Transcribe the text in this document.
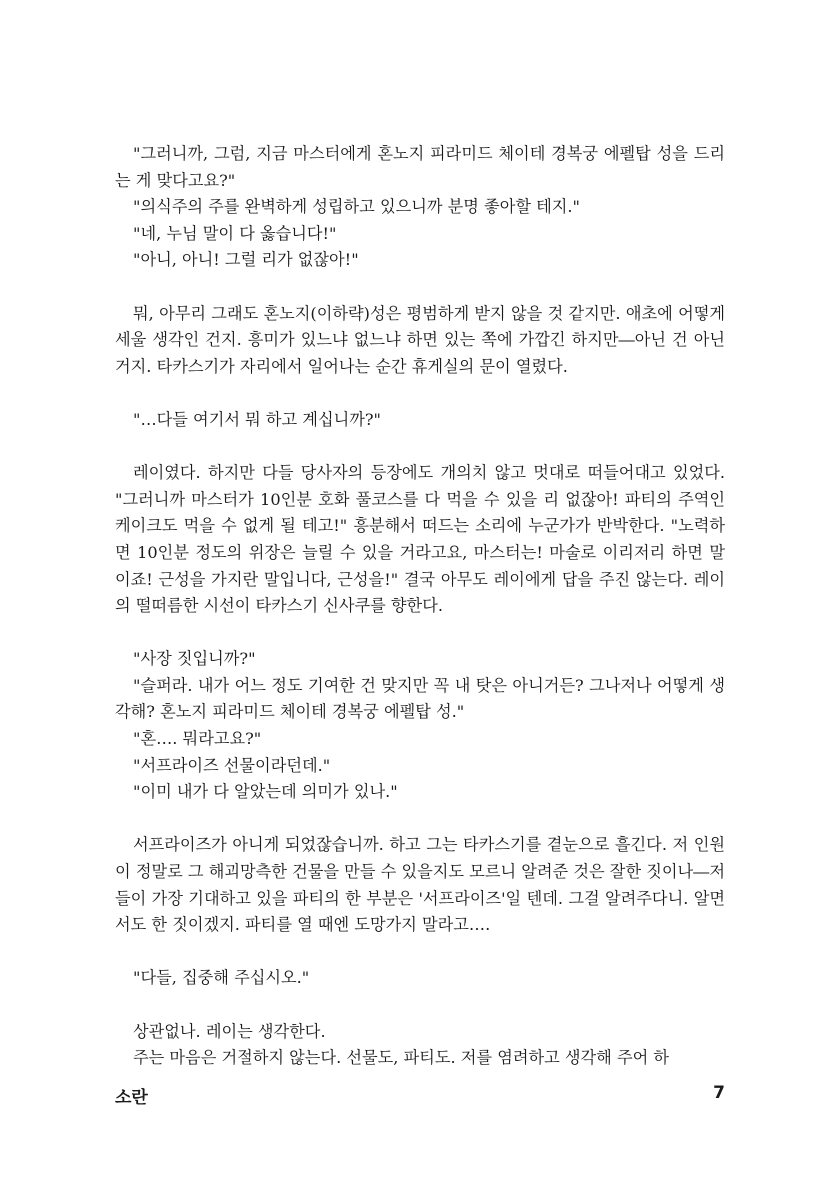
"그러니까, 그럼, 지금 마스터에게 혼노지 피라미드 체이테 경복궁 에펠탑 성을 드리는 게 맞다고요?"

"의식주의 주를 완벽하게 성립하고 있으니까 분명 좋아할 테지."

"네, 누님 말이 다 옳습니다!"

"아니, 아니! 그럴 리가 없잖아!"

뭐, 아무리 그래도 혼노지(이하략)성은 평범하게 받지 않을 것 같지만. 애초에 어떻게 세울 생각인 건지. 흥미가 있느냐 없느냐 하면 있는 쪽에 가깝긴 하지만―아닌 건 아닌 거지. 타카스기가 자리에서 일어나는 순간 휴게실의 문이 열렸다.

"…다들 여기서 뭐 하고 계십니까?"

레이였다. 하지만 다들 당사자의 등장에도 개의치 않고 멋대로 떠들어대고 있었다. "그러니까 마스터가 10인분 호화 풀코스를 다 먹을 수 있을 리 없잖아! 파티의 주역인 케이크도 먹을 수 없게 될 테고!" 흥분해서 떠드는 소리에 누군가가 반박한다. "노력하면 10인분 정도의 위장은 늘릴 수 있을 거라고요, 마스터는! 마술로 이리저리 하면 말이죠! 근성을 가지란 말입니다, 근성을!" 결국 아무도 레이에게 답을 주진 않는다. 레이의 떨떠름한 시선이 타카스기 신사쿠를 향한다.

"사장 짓입니까?"

"슬퍼라. 내가 어느 정도 기여한 건 맞지만 꼭 내 탓은 아니거든? 그나저나 어떻게 생각해? 혼노지 피라미드 체이테 경복궁 에펠탑 성."

"혼…. 뭐라고요?"

"서프라이즈 선물이라던데."

"이미 내가 다 알았는데 의미가 있나."

서프라이즈가 아니게 되었잖습니까. 하고 그는 타카스기를 곁눈으로 흘긴다. 저 인원이 정말로 그 해괴망측한 건물을 만들 수 있을지도 모르니 알려준 것은 잘한 짓이나―저들이 가장 기대하고 있을 파티의 한 부분은 '서프라이즈'일 텐데. 그걸 알려주다니. 알면서도 한 짓이겠지. 파티를 열 때엔 도망가지 말라고….

"다들, 집중해 주십시오."

상관없나. 레이는 생각한다.

주는 마음은 거절하지 않는다. 선물도, 파티도. 저를 염려하고 생각해 주어 하

소란	7
